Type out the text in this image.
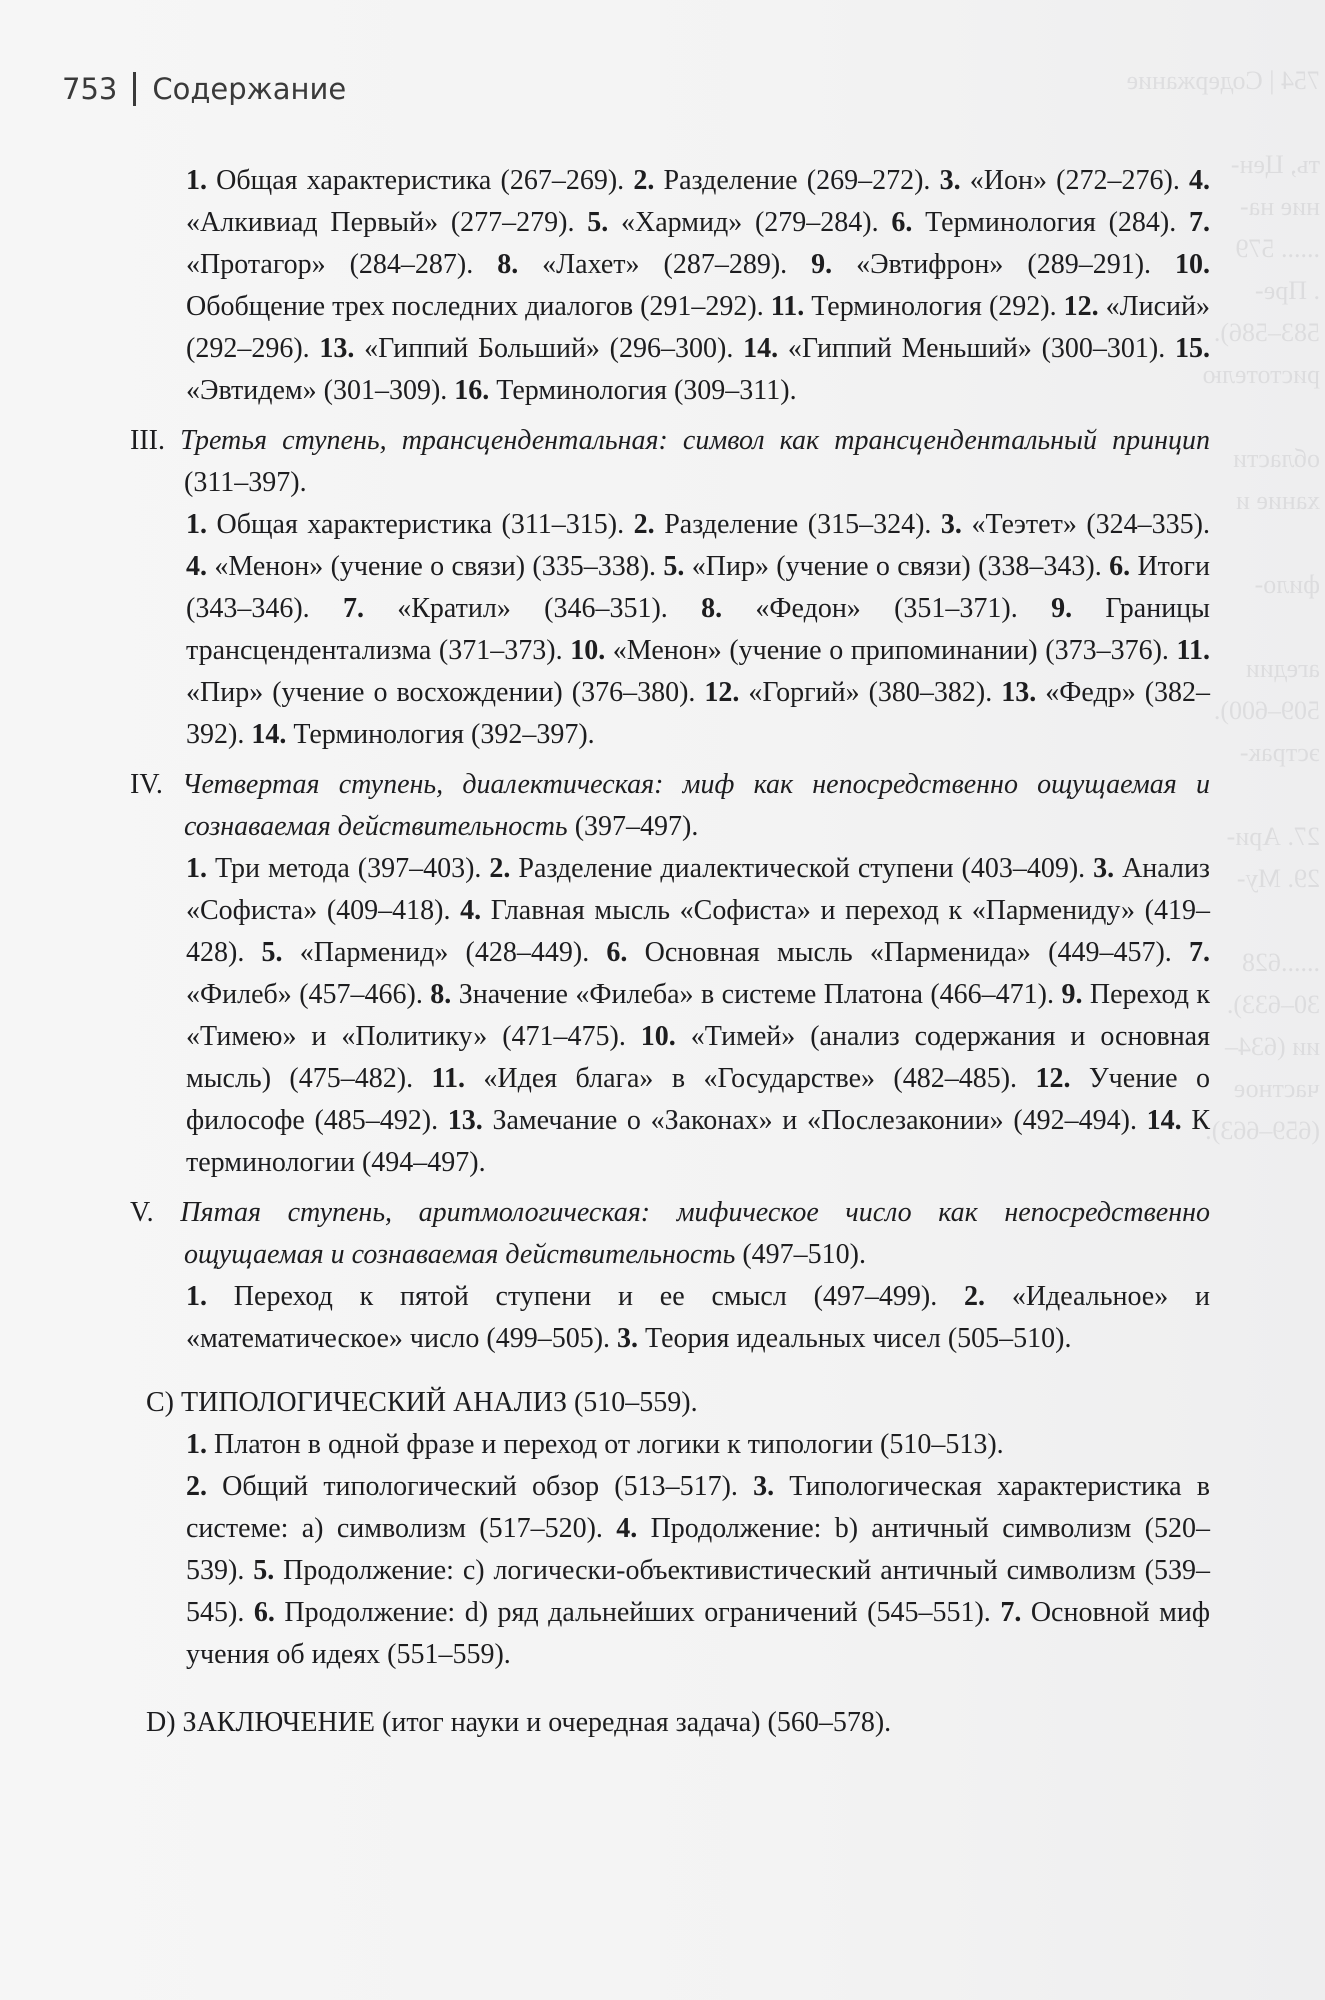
754 | Содержание

ть, Цен-
ние на-
...... 579
. Пре-
583–586).
ристотелю

области
хание и

фило-

агедии
509–600).
эстрак-

27. Ари-
29. Му-

......628
30–633).
ии (634–
частное
(659–663).
753 Содержание

1. Общая характеристика (267–269). 2. Разделение (269–272). 3. «Ион» (272–276). 4. «Алкивиад Первый» (277–279). 5. «Хармид» (279–284). 6. Терминология (284). 7. «Протагор» (284–287). 8. «Лахет» (287–289). 9. «Эвтифрон» (289–291). 10. Обобщение трех последних диалогов (291–292). 11. Терминология (292). 12. «Лисий» (292–296). 13. «Гиппий Больший» (296–300). 14. «Гиппий Меньший» (300–301). 15. «Эвтидем» (301–309). 16. Терминология (309–311).

III. Третья ступень, трансцендентальная: символ как трансцендентальный принцип (311–397).

1. Общая характеристика (311–315). 2. Разделение (315–324). 3. «Теэтет» (324–335). 4. «Менон» (учение о связи) (335–338). 5. «Пир» (учение о связи) (338–343). 6. Итоги (343–346). 7. «Кратил» (346–351). 8. «Федон» (351–371). 9. Границы трансцендентализма (371–373). 10. «Менон» (учение о припоминании) (373–376). 11. «Пир» (учение о восхождении) (376–380). 12. «Горгий» (380–382). 13. «Федр» (382–392). 14. Терминология (392–397).

IV. Четвертая ступень, диалектическая: миф как непосредственно ощущаемая и сознаваемая действительность (397–497).

1. Три метода (397–403). 2. Разделение диалектической ступени (403–409). 3. Анализ «Софиста» (409–418). 4. Главная мысль «Софиста» и переход к «Пармениду» (419–428). 5. «Парменид» (428–449). 6. Основная мысль «Парменида» (449–457). 7. «Филеб» (457–466). 8. Значение «Филеба» в системе Платона (466–471). 9. Переход к «Тимею» и «Политику» (471–475). 10. «Тимей» (анализ содержания и основная мысль) (475–482). 11. «Идея блага» в «Государстве» (482–485). 12. Учение о философе (485–492). 13. Замечание о «Законах» и «Послезаконии» (492–494). 14. К терминологии (494–497).

V. Пятая ступень, аритмологическая: мифическое число как непосредственно ощущаемая и сознаваемая действительность (497–510).

1. Переход к пятой ступени и ее смысл (497–499). 2. «Идеальное» и «математическое» число (499–505). 3. Теория идеальных чисел (505–510).

С) ТИПОЛОГИЧЕСКИЙ АНАЛИЗ (510–559).

1. Платон в одной фразе и переход от логики к типологии (510–513).

2. Общий типологический обзор (513–517). 3. Типологическая характеристика в системе: a) символизм (517–520). 4. Продолжение: b) античный символизм (520–539). 5. Продолжение: c) логически-объективистический античный символизм (539–545). 6. Продолжение: d) ряд дальнейших ограничений (545–551). 7. Основной миф учения об идеях (551–559).

D) ЗАКЛЮЧЕНИЕ (итог науки и очередная задача) (560–578).
